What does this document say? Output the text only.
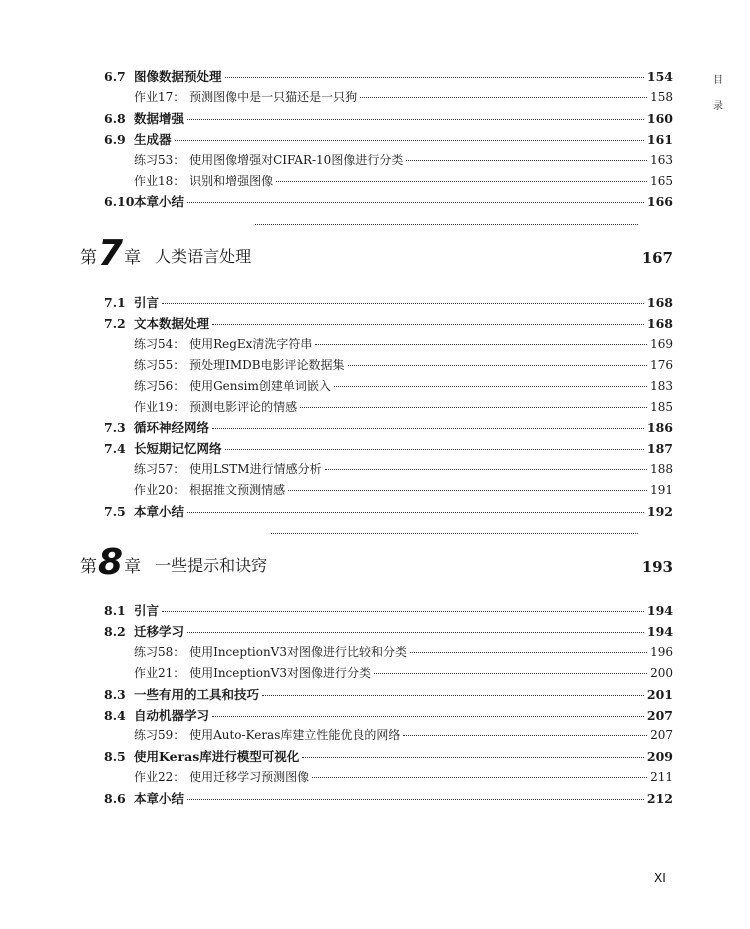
目
录
第 7 章 人类语言处理	167
第 8 章 一些提示和诀窍	193
6.7 图像数据预处理	154
作业17： 预测图像中是一只猫还是一只狗	158
6.8 数据增强	160
6.9 生成器	161
练习53： 使用图像增强对CIFAR-10图像进行分类	163
作业18： 识别和增强图像	165
6.10 本章小结	166
7.1 引言	168
7.2 文本数据处理	168
练习54： 使用RegEx清洗字符串	169
练习55： 预处理IMDB电影评论数据集	176
练习56： 使用Gensim创建单词嵌入	183
作业19： 预测电影评论的情感	185
7.3 循环神经网络	186
7.4 长短期记忆网络	187
练习57： 使用LSTM进行情感分析	188
作业20： 根据推文预测情感	191
7.5 本章小结	192
8.1 引言	194
8.2 迁移学习	194
练习58： 使用InceptionV3对图像进行比较和分类	196
作业21： 使用InceptionV3对图像进行分类	200
8.3 一些有用的工具和技巧	201
8.4 自动机器学习	207
练习59： 使用Auto-Keras库建立性能优良的网络	207
8.5 使用Keras库进行模型可视化	209
作业22： 使用迁移学习预测图像	211
8.6 本章小结	212
XI
